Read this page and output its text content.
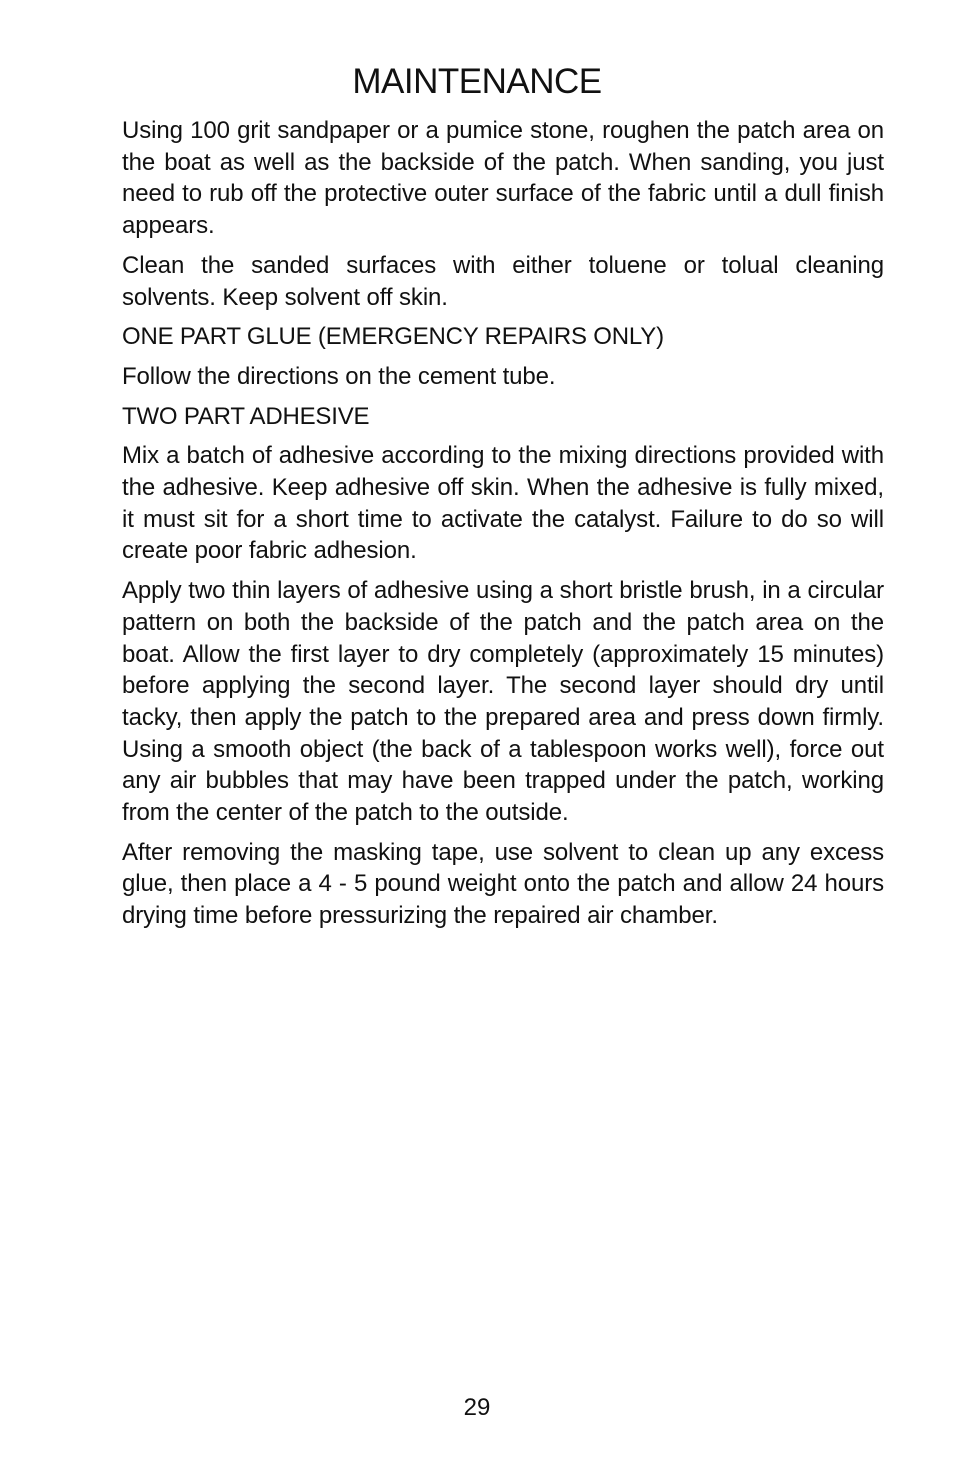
MAINTENANCE

Using 100 grit sandpaper or a pumice stone, roughen the patch area on the boat as well as the backside of the patch. When sanding, you just need to rub off the protective outer surface of the fabric until a dull finish appears.

Clean the sanded surfaces with either toluene or tolual cleaning solvents. Keep solvent off skin.

ONE PART GLUE (EMERGENCY REPAIRS ONLY)

Follow the directions on the cement tube.

TWO PART ADHESIVE

Mix a batch of adhesive according to the mixing directions provided with the adhesive. Keep adhesive off skin. When the adhesive is fully mixed, it must sit for a short time to activate the catalyst. Failure to do so will create poor fabric adhesion.

Apply two thin layers of adhesive using a short bristle brush, in a circular pattern on both the backside of the patch and the patch area on the boat. Allow the first layer to dry completely (approximately 15 minutes) before applying the second layer. The second layer should dry until tacky, then apply the patch to the prepared area and press down firmly. Using a smooth object (the back of a tablespoon works well), force out any air bubbles that may have been trapped under the patch, working from the center of the patch to the outside.

After removing the masking tape, use solvent to clean up any excess glue, then place a 4 - 5 pound weight onto the patch and allow 24 hours drying time before pressurizing the repaired air chamber.

29
